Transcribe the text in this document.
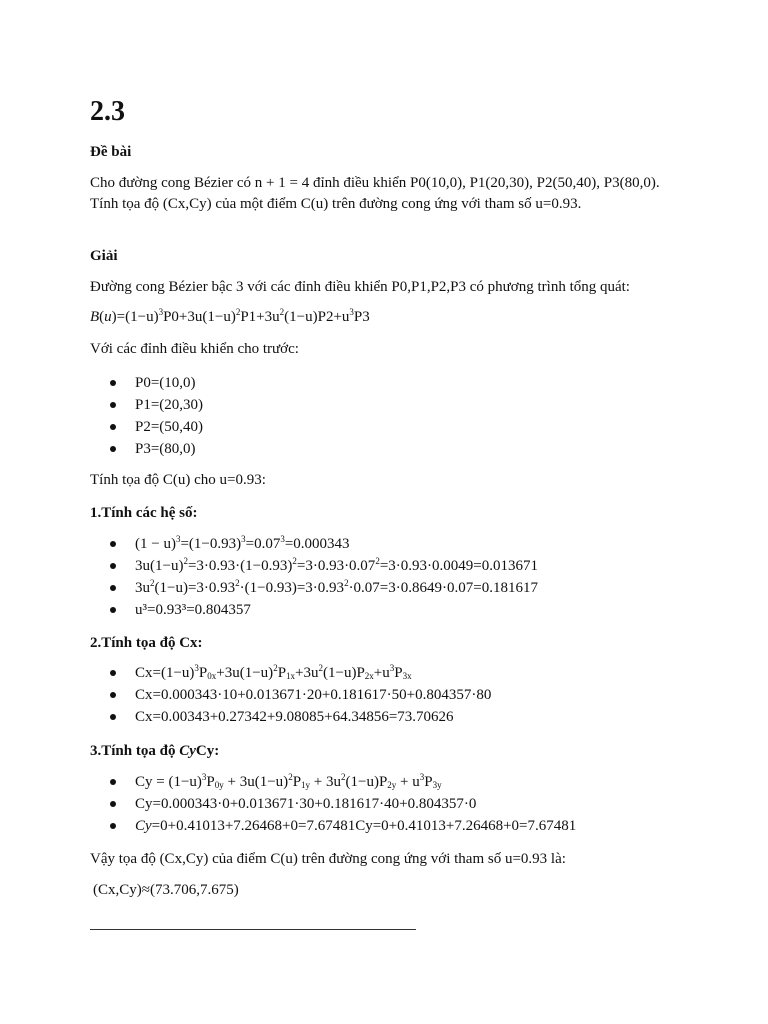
2.3
Đề bài

Cho đường cong Bézier có n + 1 = 4 đỉnh điều khiển P0(10,0), P1(20,30), P2(50,40), P3(80,0). Tính tọa độ (Cx,Cy) của một điểm C(u) trên đường cong ứng với tham số u=0.93.

Giải

Đường cong Bézier bậc 3 với các đỉnh điều khiển P0,P1,P2,P3 có phương trình tổng quát:

$B(u)=(1-u)^3P0+3u(1-u)^2P1+3u^2(1-u)P2+u^3P3$

Với các đỉnh điều khiển cho trước:

P0=(10,0)
P1=(20,30)
P2=(50,40)
P3=(80,0)

Tính tọa độ C(u) cho u=0.93:

1.Tính các hệ số:
$(1 - u)^3=(1-0.93)^3=0.07^3=0.000343$
$3u(1-u)^2=3\cdot 0.93\cdot(1-0.93)^2=3\cdot 0.93\cdot 0.07^2=3\cdot 0.93\cdot 0.0049=0.013671$
$3u^2(1-u)=3\cdot 0.93^2\cdot(1-0.93)=3\cdot 0.93^2\cdot 0.07=3\cdot 0.8649\cdot 0.07=0.181617$
u³=0.93³=0.804357
2.Tính tọa độ Cx:
$Cx=(1-u)^3P_{0x}+3u(1-u)^2P_{1x}+3u^2(1-u)P_{2x}+u^3P_{3x}$
Cx=0.000343·10+0.013671·20+0.181617·50+0.804357·80
Cx=0.00343+0.27342+9.08085+64.34856=73.70626
3.Tính tọa độ CyCy:
$Cy = (1-u)^3P_{0y} + 3u(1-u)^2P_{1y} + 3u^2(1-u)P_{2y} + u^3P_{3y}$
Cy=0.000343·0+0.013671·30+0.181617·40+0.804357·0
Cy=0+0.41013+7.26468+0=7.67481Cy=0+0.41013+7.26468+0=7.67481

Vậy tọa độ (Cx,Cy) của điểm C(u) trên đường cong ứng với tham số u=0.93 là:

(Cx,Cy)≈(73.706,7.675)
